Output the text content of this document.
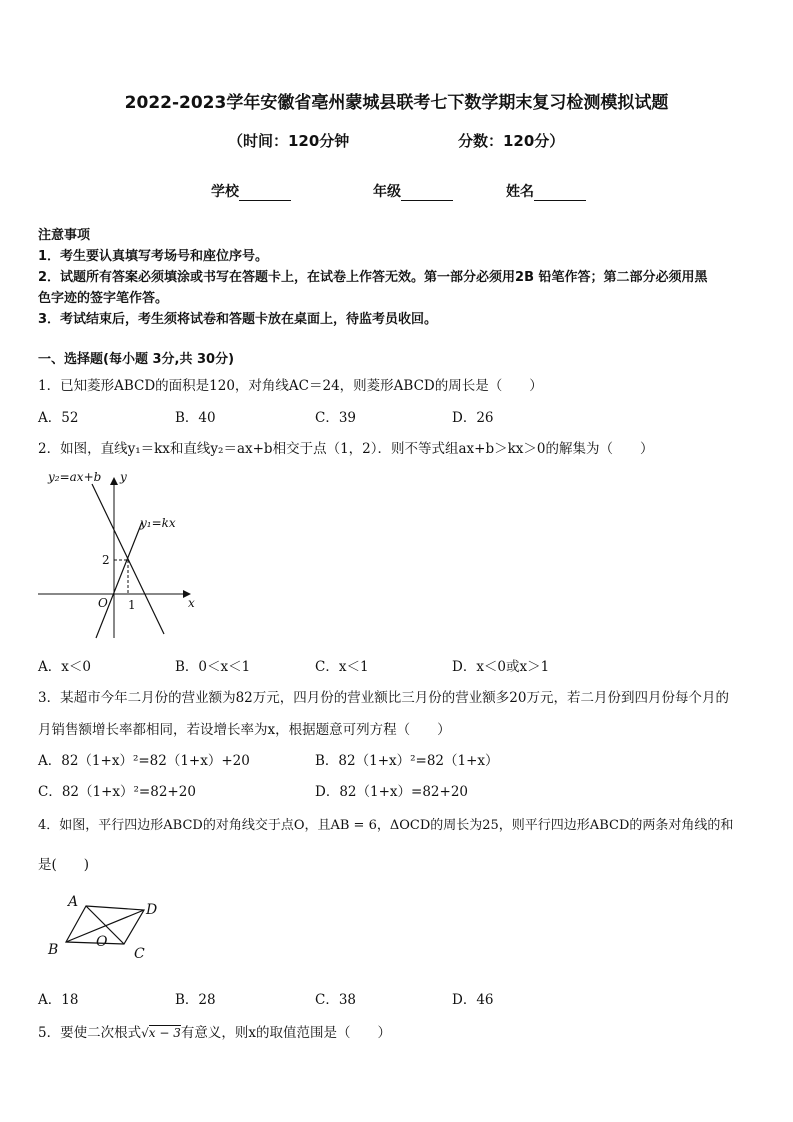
2022-2023学年安徽省亳州蒙城县联考七下数学期末复习检测模拟试题
（时间：120分钟	分数：120分）
学校	年级	姓名
注意事项
1．考生要认真填写考场号和座位序号。
2．试题所有答案必须填涂或书写在答题卡上，在试卷上作答无效。第一部分必须用2B 铅笔作答；第二部分必须用黑
色字迹的签字笔作答。
3．考试结束后，考生须将试卷和答题卡放在桌面上，待监考员收回。
一、选择题(每小题 3分,共 30分)
1．已知菱形ABCD的面积是120，对角线AC＝24，则菱形ABCD的周长是（　　）
A．52	B．40	C．39	D．26
2．如图，直线y₁＝kx和直线y₂＝ax+b相交于点（1，2）．则不等式组ax+b＞kx＞0的解集为（　　）
y₂=ax+b y
y₁=kx
x
O
2
1
A．x＜0	B．0＜x＜1	C．x＜1	D．x＜0或x＞1
3．某超市今年二月份的营业额为82万元，四月份的营业额比三月份的营业额多20万元，若二月份到四月份每个月的
月销售额增长率都相同，若设增长率为x，根据题意可列方程（　　）
A．82（1+x）²=82（1+x）+20	B．82（1+x）²=82（1+x）
C．82（1+x）²=82+20	D．82（1+x）=82+20
4．如图，平行四边形ABCD的对角线交于点O，且AB = 6，ΔOCD的周长为25，则平行四边形ABCD的两条对角线的和
是(　　)
A	D
B	C
O
A．18	B．28	C．38	D．46
5．要使二次根式√x − 3有意义，则x的取值范围是（　　）
